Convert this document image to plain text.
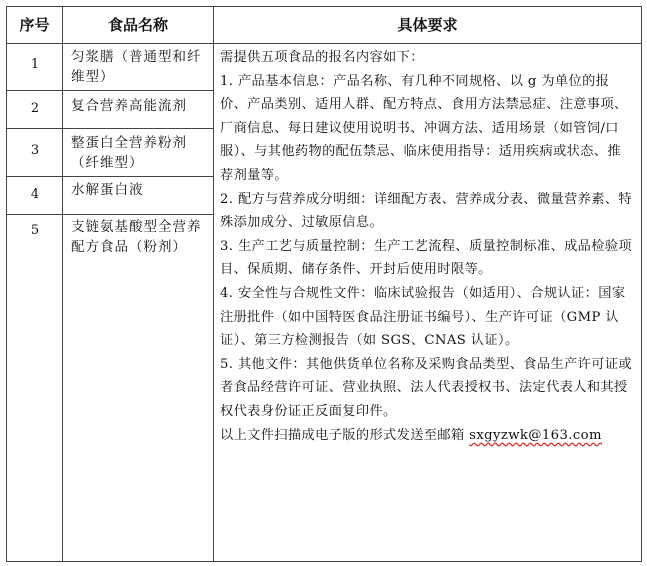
序号	食品名称	具体要求
1	匀浆膳（普通型和纤维型）
2	复合营养高能流剂
3	整蛋白全营养粉剂（纤维型）
4	水解蛋白液
5	支链氨基酸型全营养配方食品（粉剂）

需提供五项食品的报名内容如下：

1. 产品基本信息：产品名称、有几种不同规格、以 g 为单位的报价、产品类别、适用人群、配方特点、食用方法禁忌症、注意事项、厂商信息、每日建议使用说明书、冲调方法、适用场景（如管饲/口服）、与其他药物的配伍禁忌、临床使用指导：适用疾病或状态、推荐剂量等。

2. 配方与营养成分明细：详细配方表、营养成分表、微量营养素、特殊添加成分、过敏原信息。

3. 生产工艺与质量控制：生产工艺流程、质量控制标准、成品检验项目、保质期、储存条件、开封后使用时限等。

4. 安全性与合规性文件：临床试验报告（如适用）、合规认证：国家注册批件（如中国特医食品注册证书编号）、生产许可证（GMP 认证）、第三方检测报告（如 SGS、CNAS 认证）。

5. 其他文件：其他供货单位名称及采购食品类型、食品生产许可证或者食品经营许可证、营业执照、法人代表授权书、法定代表人和其授权代表身份证正反面复印件。

以上文件扫描成电子版的形式发送至邮箱 sxgyzwk@163.com
